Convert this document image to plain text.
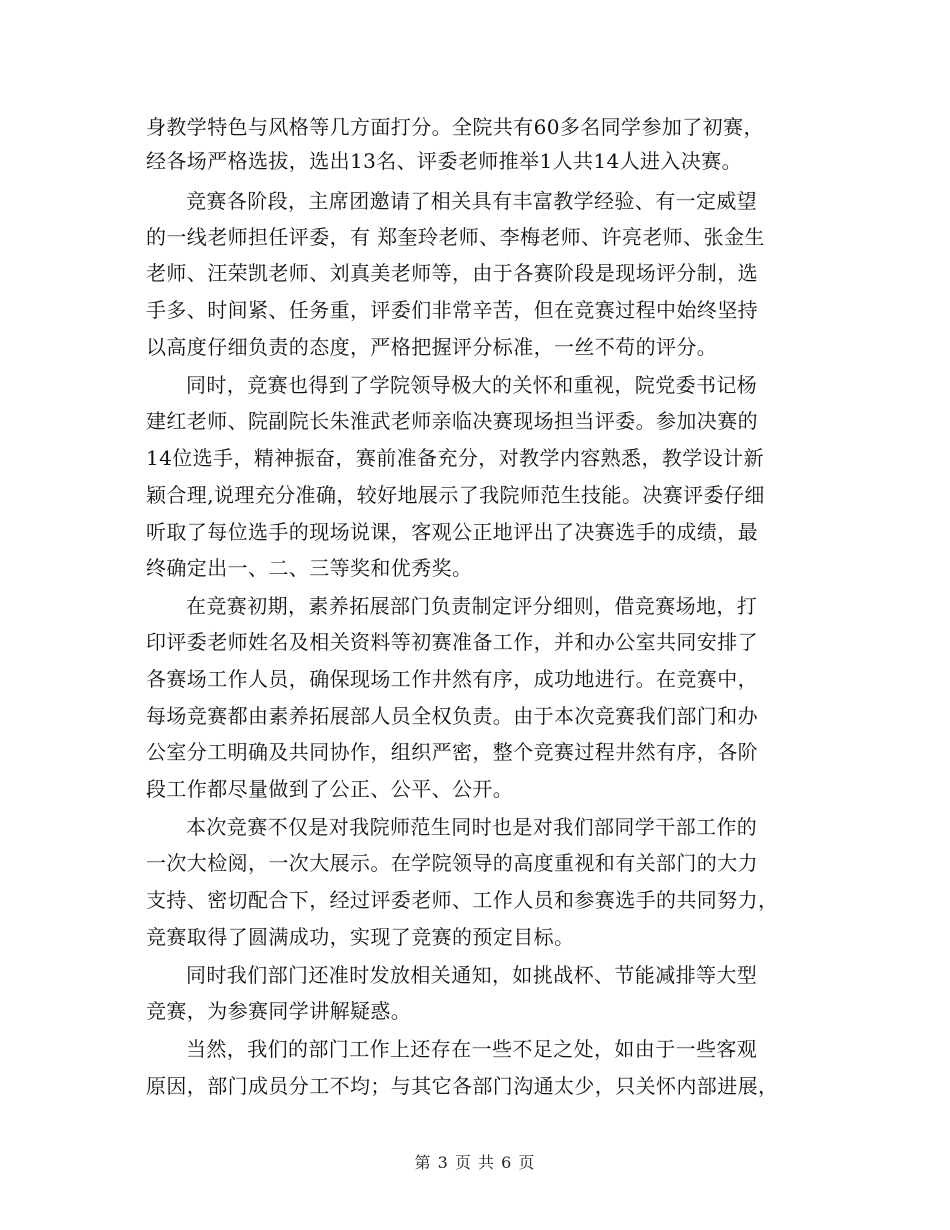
身教学特色与风格等几方面打分。全院共有60多名同学参加了初赛，
经各场严格选拔，选出13名、评委老师推举1人共14人进入决赛。
竞赛各阶段，主席团邀请了相关具有丰富教学经验、有一定威望
的一线老师担任评委，有 郑奎玲老师、李梅老师、许亮老师、张金生
老师、汪荣凯老师、刘真美老师等，由于各赛阶段是现场评分制，选
手多、时间紧、任务重，评委们非常辛苦，但在竞赛过程中始终坚持
以高度仔细负责的态度，严格把握评分标准，一丝不苟的评分。
同时，竞赛也得到了学院领导极大的关怀和重视，院党委书记杨
建红老师、院副院长朱淮武老师亲临决赛现场担当评委。参加决赛的
14位选手，精神振奋，赛前准备充分，对教学内容熟悉，教学设计新
颖合理,说理充分准确，较好地展示了我院师范生技能。决赛评委仔细
听取了每位选手的现场说课，客观公正地评出了决赛选手的成绩，最
终确定出一、二、三等奖和优秀奖。
在竞赛初期，素养拓展部门负责制定评分细则，借竞赛场地，打
印评委老师姓名及相关资料等初赛准备工作，并和办公室共同安排了
各赛场工作人员，确保现场工作井然有序，成功地进行。在竞赛中，
每场竞赛都由素养拓展部人员全权负责。由于本次竞赛我们部门和办
公室分工明确及共同协作，组织严密，整个竞赛过程井然有序，各阶
段工作都尽量做到了公正、公平、公开。
本次竞赛不仅是对我院师范生同时也是对我们部同学干部工作的
一次大检阅，一次大展示。在学院领导的高度重视和有关部门的大力
支持、密切配合下，经过评委老师、工作人员和参赛选手的共同努力，
竞赛取得了圆满成功，实现了竞赛的预定目标。
同时我们部门还准时发放相关通知，如挑战杯、节能减排等大型
竞赛，为参赛同学讲解疑惑。
当然，我们的部门工作上还存在一些不足之处，如由于一些客观
原因，部门成员分工不均；与其它各部门沟通太少，只关怀内部进展，
第 3 页 共 6 页
